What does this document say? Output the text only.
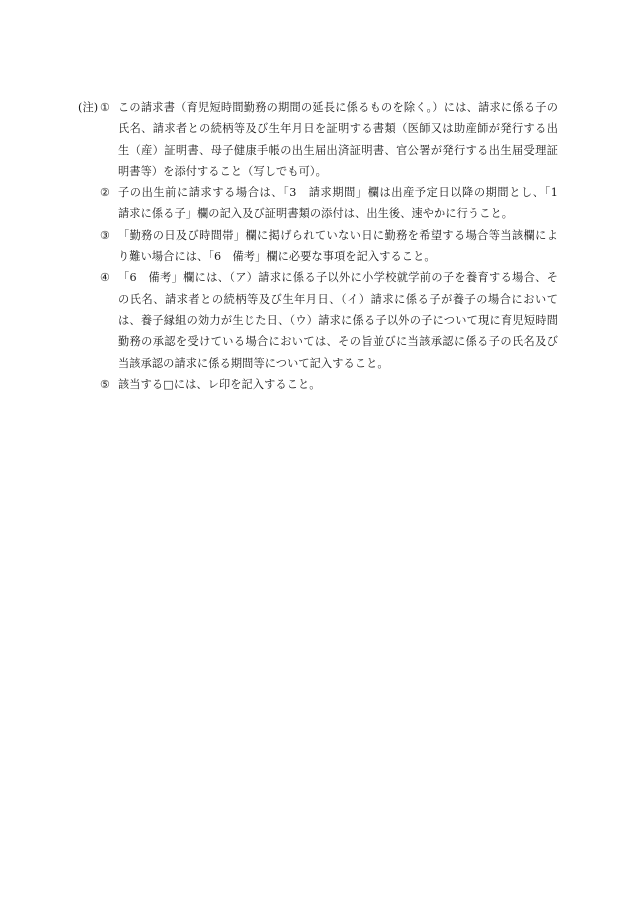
(注) ① この請求書（育児短時間勤務の期間の延長に係るものを除く。）には、請求に係る子の氏名、請求者との続柄等及び生年月日を証明する書類（医師又は助産師が発行する出生（産）証明書、母子健康手帳の出生届出済証明書、官公署が発行する出生届受理証明書等）を添付すること（写しでも可）。
② 子の出生前に請求する場合は、「3　請求期間」欄は出産予定日以降の期間とし、「1　請求に係る子」欄の記入及び証明書類の添付は、出生後、速やかに行うこと。
③ 「勤務の日及び時間帯」欄に掲げられていない日に勤務を希望する場合等当該欄により難い場合には、「6　備考」欄に必要な事項を記入すること。
④ 「6　備考」欄には、（ア）請求に係る子以外に小学校就学前の子を養育する場合、その氏名、請求者との続柄等及び生年月日、（イ）請求に係る子が養子の場合においては、養子縁組の効力が生じた日、（ウ）請求に係る子以外の子について現に育児短時間勤務の承認を受けている場合においては、その旨並びに当該承認に係る子の氏名及び当該承認の請求に係る期間等について記入すること。
⑤ 該当する□には、レ印を記入すること。
